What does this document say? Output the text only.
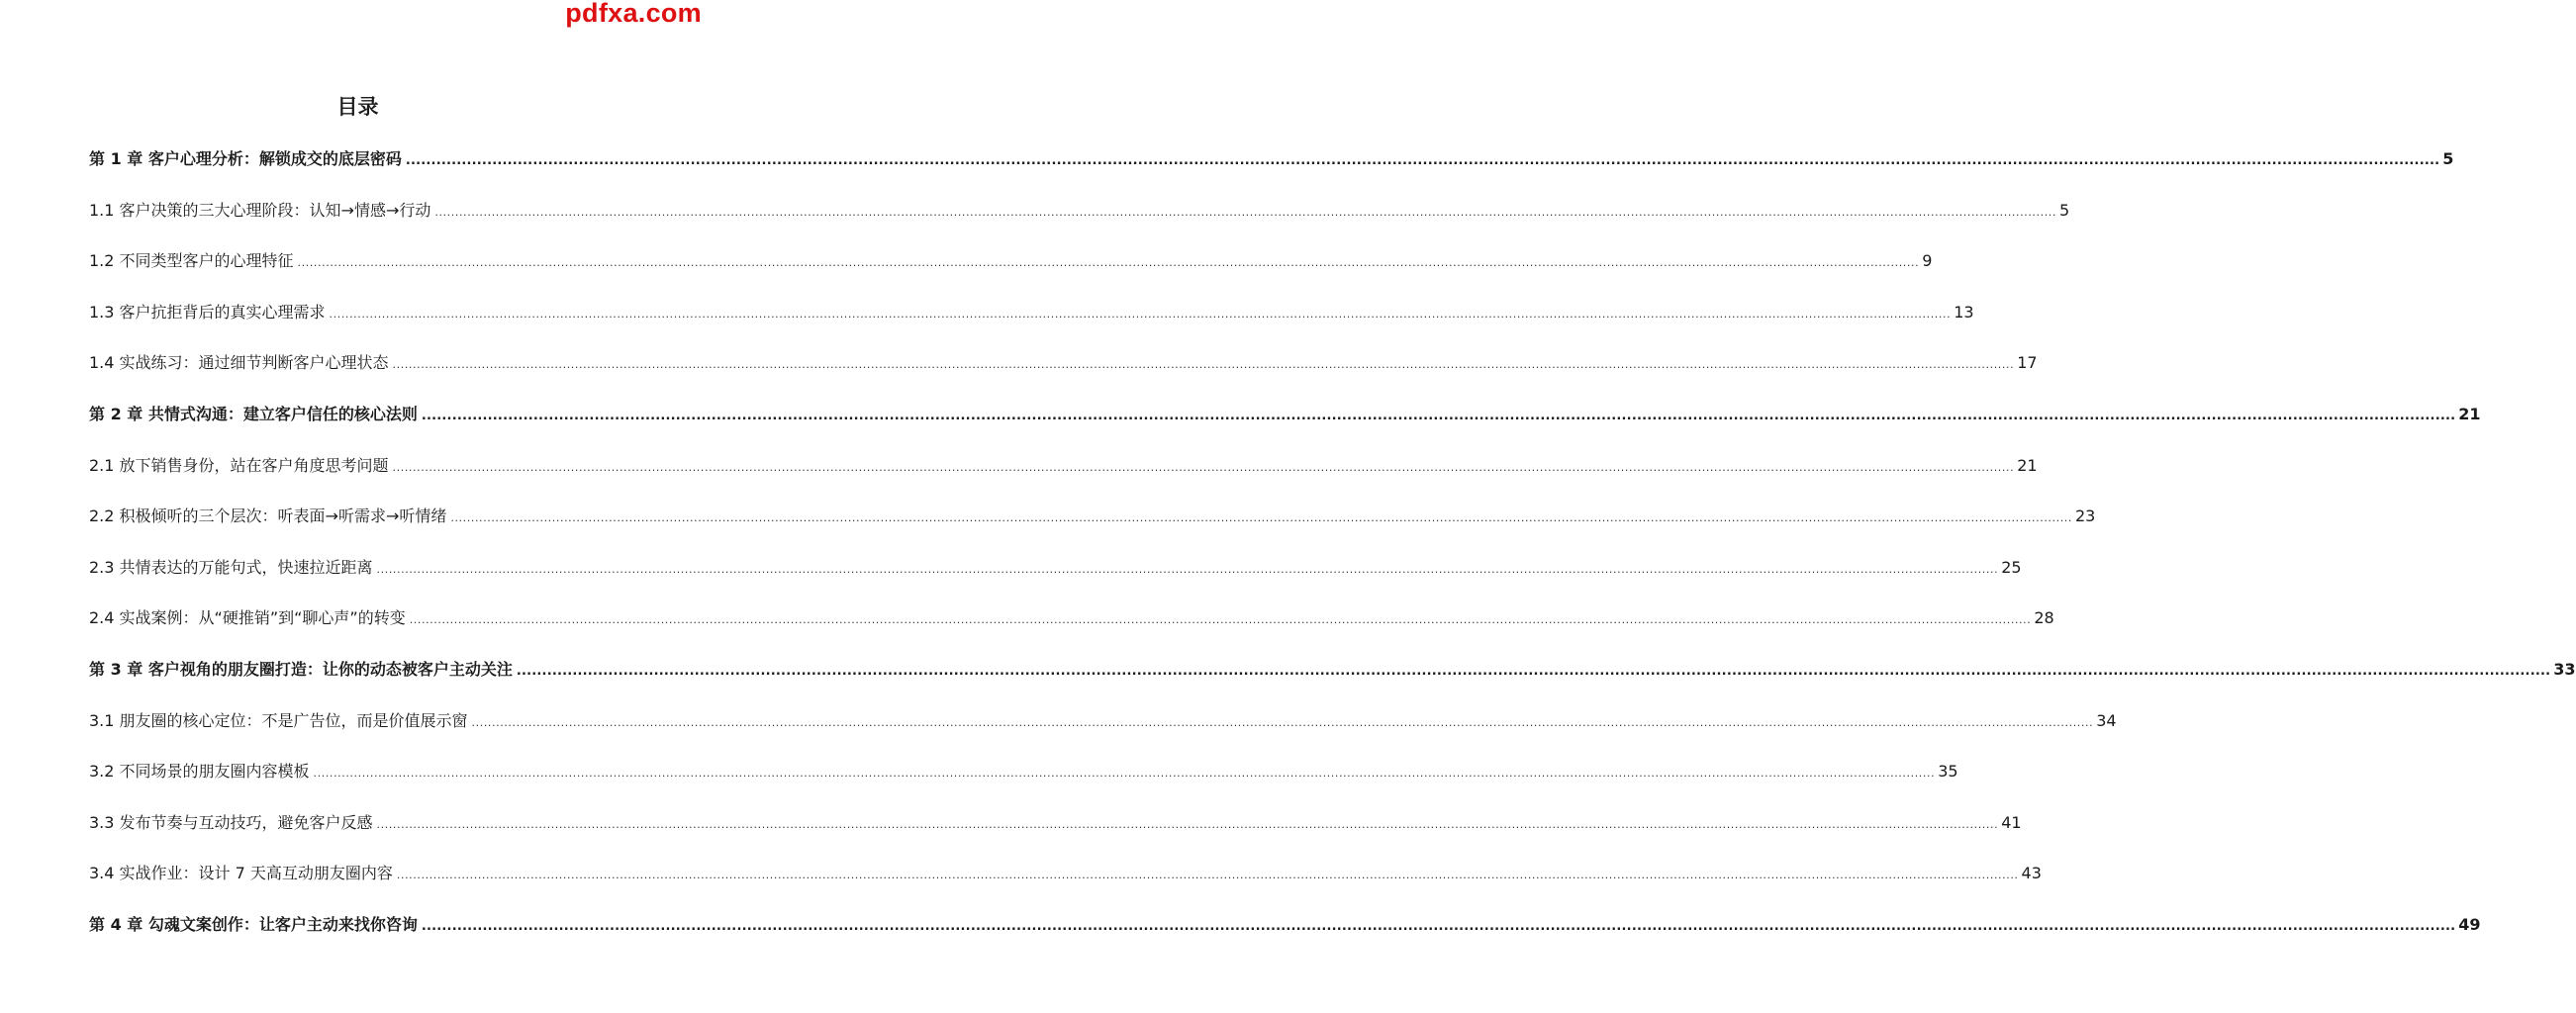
pdfxa.com
目录
第 1 章 客户心理分析：解锁成交的底层密码 ................................................................................................................................................................................................................................................................................................................................................................................................................ 5
1.1 客户决策的三大心理阶段：认知→情感→行动 ................................................................................................................................................................................................................................................................................................................................................................................................................ 5
1.2 不同类型客户的心理特征 ................................................................................................................................................................................................................................................................................................................................................................................................................ 9
1.3 客户抗拒背后的真实心理需求 ................................................................................................................................................................................................................................................................................................................................................................................................................ 13
1.4 实战练习：通过细节判断客户心理状态 ................................................................................................................................................................................................................................................................................................................................................................................................................ 17
第 2 章 共情式沟通：建立客户信任的核心法则 ................................................................................................................................................................................................................................................................................................................................................................................................................ 21
2.1 放下销售身份，站在客户角度思考问题 ................................................................................................................................................................................................................................................................................................................................................................................................................ 21
2.2 积极倾听的三个层次：听表面→听需求→听情绪 ................................................................................................................................................................................................................................................................................................................................................................................................................ 23
2.3 共情表达的万能句式，快速拉近距离 ................................................................................................................................................................................................................................................................................................................................................................................................................ 25
2.4 实战案例：从“硬推销”到“聊心声”的转变 ................................................................................................................................................................................................................................................................................................................................................................................................................ 28
第 3 章 客户视角的朋友圈打造：让你的动态被客户主动关注 ................................................................................................................................................................................................................................................................................................................................................................................................................ 33
3.1 朋友圈的核心定位：不是广告位，而是价值展示窗 ................................................................................................................................................................................................................................................................................................................................................................................................................ 34
3.2 不同场景的朋友圈内容模板 ................................................................................................................................................................................................................................................................................................................................................................................................................ 35
3.3 发布节奏与互动技巧，避免客户反感 ................................................................................................................................................................................................................................................................................................................................................................................................................ 41
3.4 实战作业：设计 7 天高互动朋友圈内容 ................................................................................................................................................................................................................................................................................................................................................................................................................ 43
第 4 章 勾魂文案创作：让客户主动来找你咨询 ................................................................................................................................................................................................................................................................................................................................................................................................................ 49
